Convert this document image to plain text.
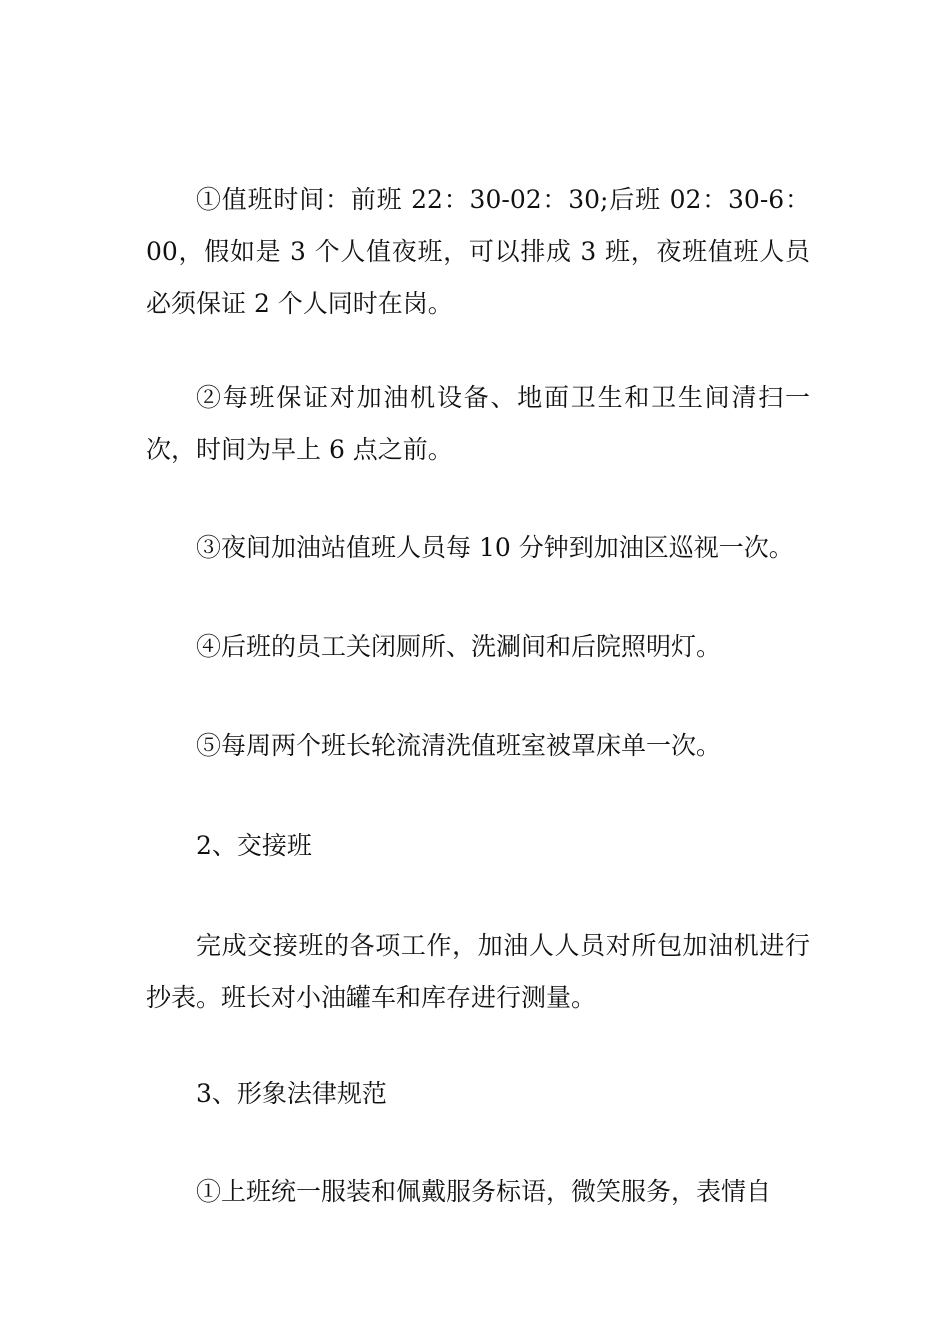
①值班时间：前班 22：30-02：30;后班 02：30-6：00，假如是 3 个人值夜班，可以排成 3 班，夜班值班人员必须保证 2 个人同时在岗。

②每班保证对加油机设备、地面卫生和卫生间清扫一次，时间为早上 6 点之前。

③夜间加油站值班人员每 10 分钟到加油区巡视一次。

④后班的员工关闭厕所、洗涮间和后院照明灯。

⑤每周两个班长轮流清洗值班室被罩床单一次。

2、交接班

完成交接班的各项工作，加油人人员对所包加油机进行抄表。班长对小油罐车和库存进行测量。

3、形象法律规范

①上班统一服装和佩戴服务标语，微笑服务，表情自
